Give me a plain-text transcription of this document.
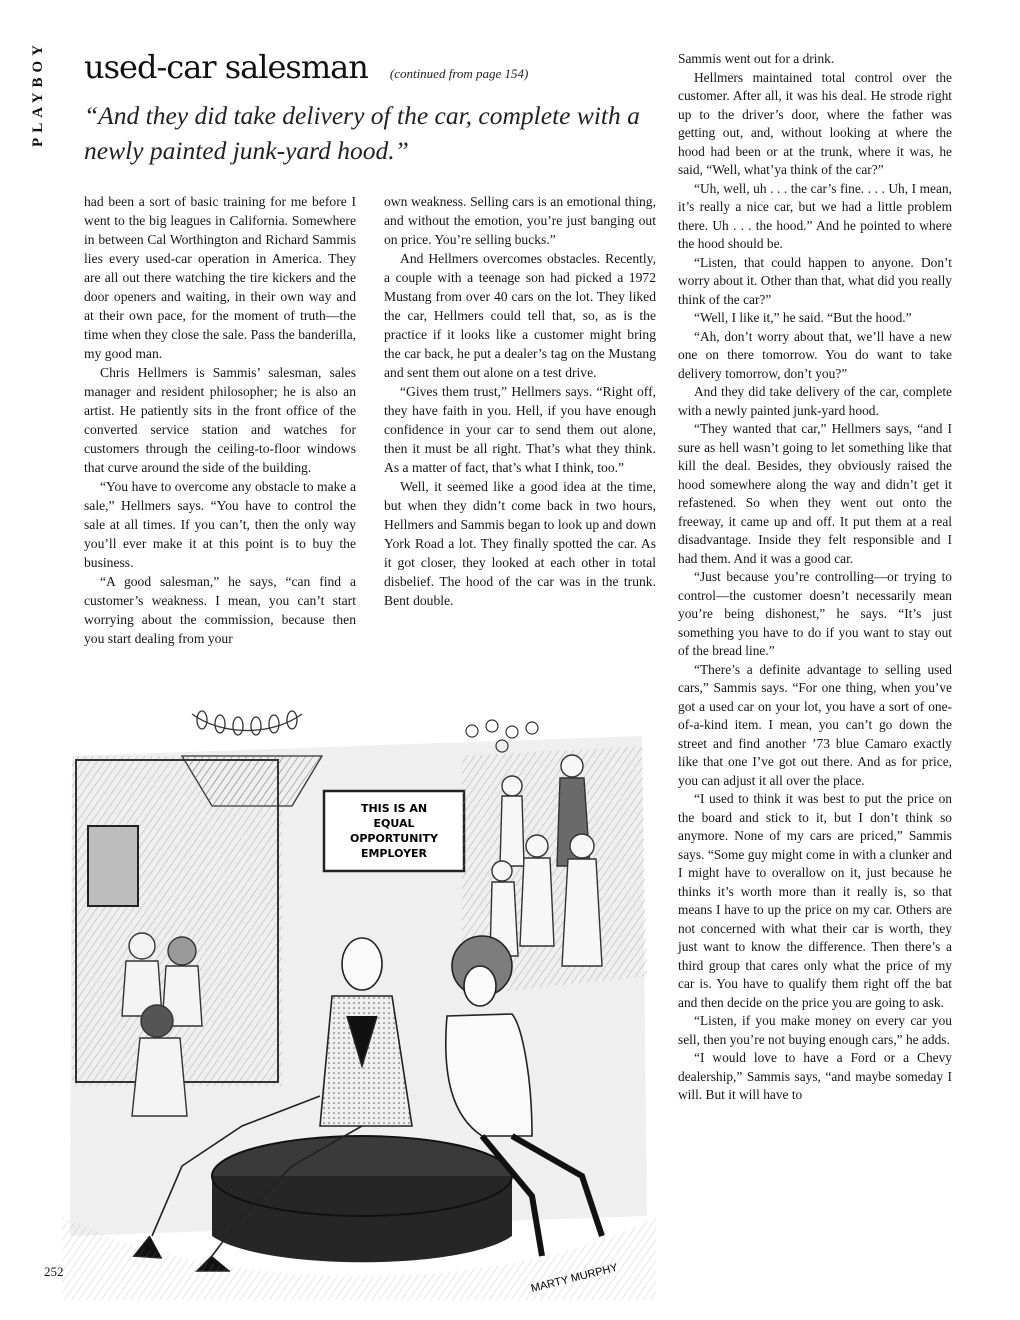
PLAYBOY used-car salesman (continued from page 154)
“And they did take delivery of the car, complete with a newly painted junk-yard hood.”

had been a sort of basic training for me before I went to the big leagues in California. Somewhere in between Cal Worthington and Richard Sammis lies every used-car operation in America. They are all out there watching the tire kickers and the door openers and waiting, in their own way and at their own pace, for the moment of truth—the time when they close the sale. Pass the banderilla, my good man.

Chris Hellmers is Sammis’ salesman, sales manager and resident philosopher; he is also an artist. He patiently sits in the front office of the converted service station and watches for customers through the ceiling-to-floor windows that curve around the side of the building.

“You have to overcome any obstacle to make a sale,” Hellmers says. “You have to control the sale at all times. If you can’t, then the only way you’ll ever make it at this point is to buy the business.

“A good salesman,” he says, “can find a customer’s weakness. I mean, you can’t start worrying about the commission, because then you start dealing from your

own weakness. Selling cars is an emotional thing, and without the emotion, you’re just banging out on price. You’re selling bucks.”

And Hellmers overcomes obstacles. Recently, a couple with a teenage son had picked a 1972 Mustang from over 40 cars on the lot. They liked the car, Hellmers could tell that, so, as is the practice if it looks like a customer might bring the car back, he put a dealer’s tag on the Mustang and sent them out alone on a test drive.

“Gives them trust,” Hellmers says. “Right off, they have faith in you. Hell, if you have enough confidence in your car to send them out alone, then it must be all right. That’s what they think. As a matter of fact, that’s what I think, too.”

Well, it seemed like a good idea at the time, but when they didn’t come back in two hours, Hellmers and Sammis began to look up and down York Road a lot. They finally spotted the car. As it got closer, they looked at each other in total disbelief. The hood of the car was in the trunk. Bent double.

Sammis went out for a drink.

Hellmers maintained total control over the customer. After all, it was his deal. He strode right up to the driver’s door, where the father was getting out, and, without looking at where the hood had been or at the trunk, where it was, he said, “Well, what’ya think of the car?”

“Uh, well, uh . . . the car’s fine. . . . Uh, I mean, it’s really a nice car, but we had a little problem there. Uh . . . the hood.” And he pointed to where the hood should be.

“Listen, that could happen to anyone. Don’t worry about it. Other than that, what did you really think of the car?”

“Well, I like it,” he said. “But the hood.”

“Ah, don’t worry about that, we’ll have a new one on there tomorrow. You do want to take delivery tomorrow, don’t you?”

And they did take delivery of the car, complete with a newly painted junk-yard hood.

“They wanted that car,” Hellmers says, “and I sure as hell wasn’t going to let something like that kill the deal. Besides, they obviously raised the hood somewhere along the way and didn’t get it refastened. So when they went out onto the freeway, it came up and off. It put them at a real disadvantage. Inside they felt responsible and I had them. And it was a good car.

“Just because you’re controlling—or trying to control—the customer doesn’t necessarily mean you’re being dishonest,” he says. “It’s just something you have to do if you want to stay out of the bread line.”

“There’s a definite advantage to selling used cars,” Sammis says. “For one thing, when you’ve got a used car on your lot, you have a sort of one-of-a-kind item. I mean, you can’t go down the street and find another ’73 blue Camaro exactly like that one I’ve got out there. And as for price, you can adjust it all over the place.

“I used to think it was best to put the price on the board and stick to it, but I don’t think so anymore. None of my cars are priced,” Sammis says. “Some guy might come in with a clunker and I might have to overallow on it, just because he thinks it’s worth more than it really is, so that means I have to up the price on my car. Others are not concerned with what their car is worth, they just want to know the difference. Then there’s a third group that cares only what the price of my car is. You have to qualify them right off the bat and then decide on the price you are going to ask.

“Listen, if you make money on every car you sell, then you’re not buying enough cars,” he adds.

“I would love to have a Ford or a Chevy dealership,” Sammis says, “and maybe someday I will. But it will have to

THIS IS AN
EQUAL
OPPORTUNITY
EMPLOYER
MARTY MURPHY
252
